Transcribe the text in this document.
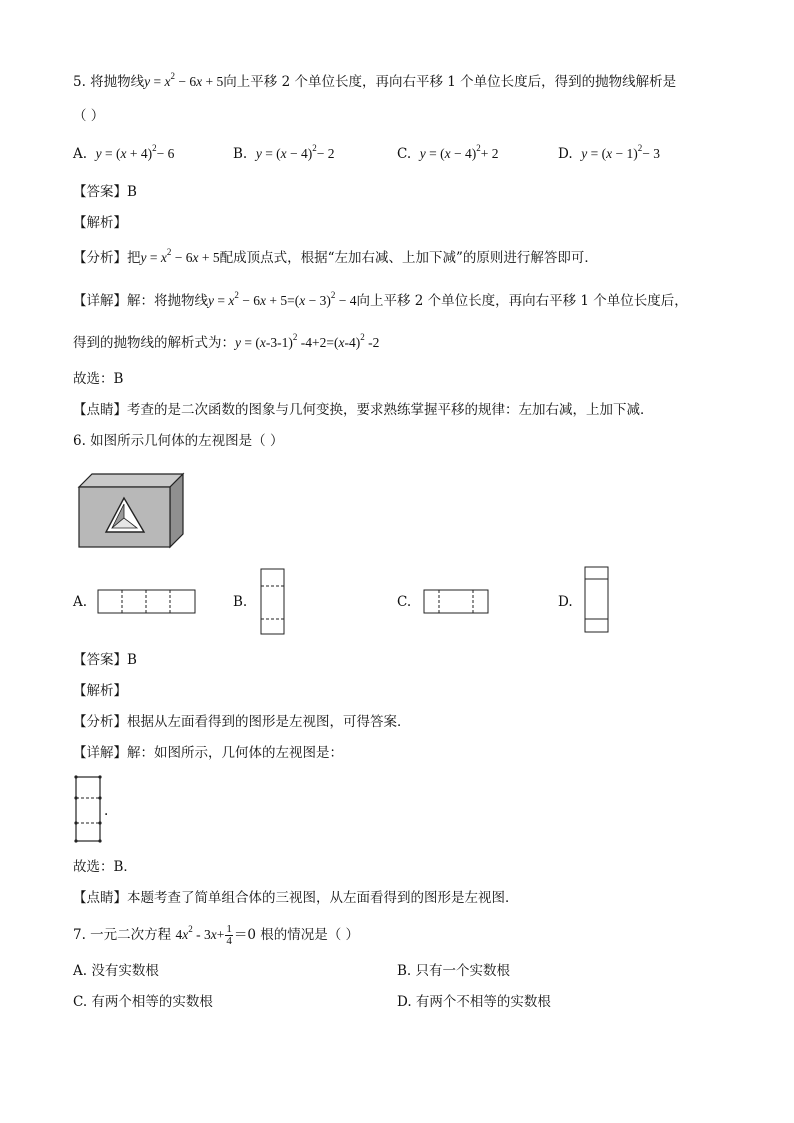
5. 将抛物线$y = x^2 - 6x + 5$向上平移 2 个单位长度，再向右平移 1 个单位长度后，得到的抛物线解析是
（ ）
A. $y = (x + 4)^2- 6$	B. $y = (x - 4)^2- 2$	C. $y = (x - 4)^2+ 2$	D. $y = (x - 1)^2- 3$
【答案】B
【解析】
【分析】把$y = x^2 - 6x + 5$配成顶点式，根据“左加右减、上加下减”的原则进行解答即可．
【详解】解：将抛物线$y = x^2 - 6x + 5=(x - 3)^2 - 4$向上平移 2 个单位长度，再向右平移 1 个单位长度后，
得到的抛物线的解析式为：$y = (x-3-1)^2$ $-4+2=(x-4)^2$ -2
故选：B
【点睛】考查的是二次函数的图象与几何变换，要求熟练掌握平移的规律：左加右减，上加下减．
6. 如图所示几何体的左视图是（ ）
A.	B.	C.	D.
【答案】B
【解析】
【分析】根据从左面看得到的图形是左视图，可得答案．
【详解】解：如图所示，几何体的左视图是：
.
故选：B．
【点睛】本题考查了简单组合体的三视图，从左面看得到的图形是左视图．
7. 一元二次方程 $4x^2 - 3x+ \frac{1}{4} =0$ 根的情况是（ ）
A. 没有实数根	B. 只有一个实数根
C. 有两个相等的实数根	D. 有两个不相等的实数根
